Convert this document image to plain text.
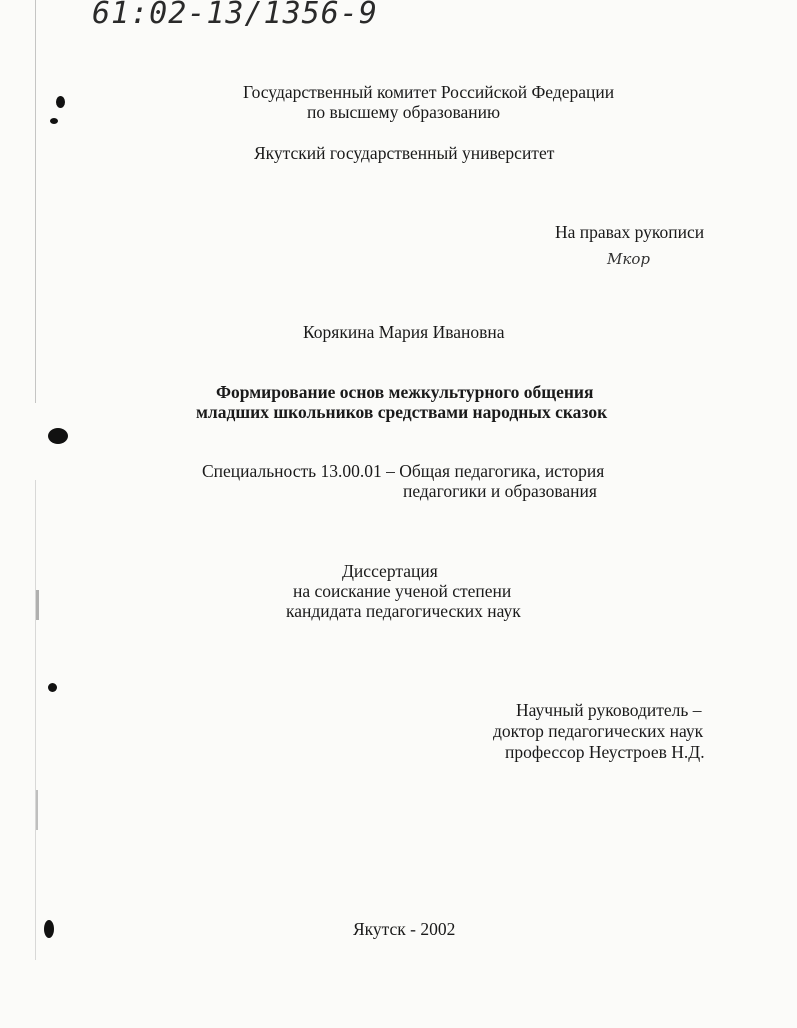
61:02-13/1356-9
Государственный комитет Российской Федерации
по высшему образованию
Якутский государственный университет
На правах рукописи
Мкор
Корякина Мария Ивановна
Формирование основ межкультурного общения
младших школьников средствами народных сказок
Специальность 13.00.01 – Общая педагогика, история
педагогики и образования
Диссертация
на соискание ученой степени
кандидата педагогических наук
Научный руководитель –
доктор педагогических наук
профессор Неустроев Н.Д.
Якутск - 2002
